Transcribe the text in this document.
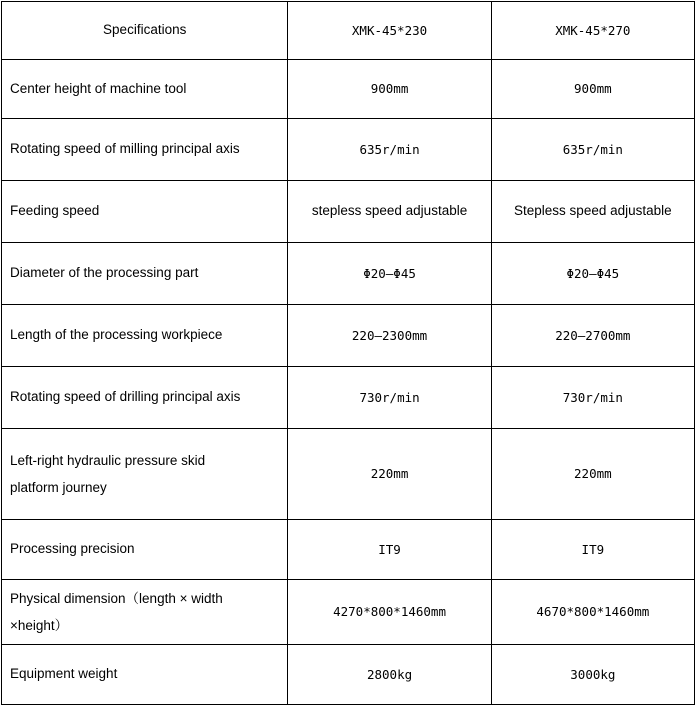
Specifications	XMK-45*230	XMK-45*270
Center height of machine tool	900mm	900mm
Rotating speed of milling principal axis	635r/min	635r/min
Feeding speed	stepless speed adjustable	Stepless speed adjustable
Diameter of the processing part	Φ20—Φ45	Φ20—Φ45
Length of the processing workpiece	220—2300mm	220—2700mm
Rotating speed of drilling principal axis	730r/min	730r/min

Left-right hydraulic pressure skid
platform journey	220mm	220mm
Processing precision	IT9	IT9

Physical dimension（length × width
×height）	4270*800*1460mm	4670*800*1460mm
Equipment weight	2800kg	3000kg
